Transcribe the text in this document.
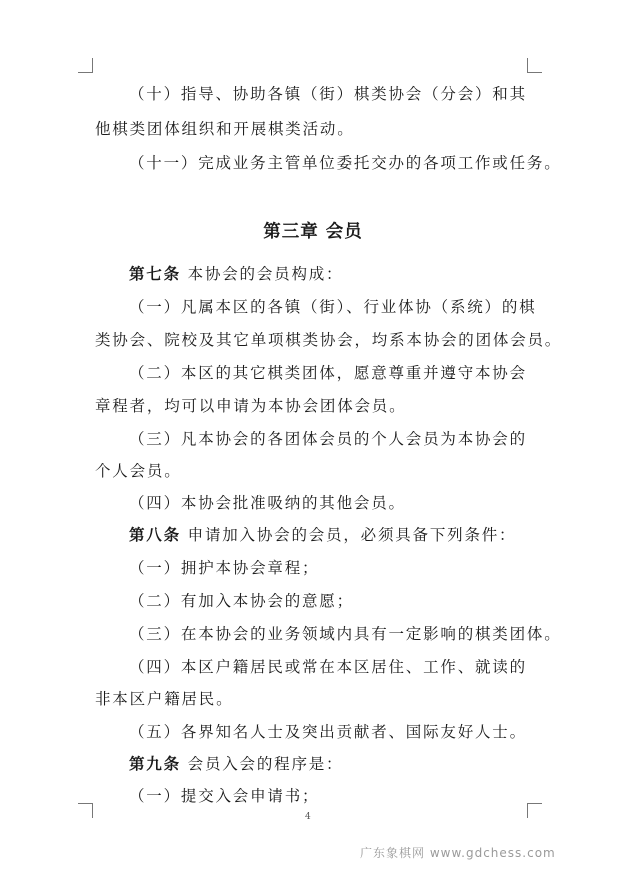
（十）指导、协助各镇（街）棋类协会（分会）和其
他棋类团体组织和开展棋类活动。
（十一）完成业务主管单位委托交办的各项工作或任务。
第三章 会员
第七条 本协会的会员构成：
（一）凡属本区的各镇（街）、行业体协（系统）的棋
类协会、院校及其它单项棋类协会，均系本协会的团体会员。
（二）本区的其它棋类团体，愿意尊重并遵守本协会
章程者，均可以申请为本协会团体会员。
（三）凡本协会的各团体会员的个人会员为本协会的
个人会员。
（四）本协会批准吸纳的其他会员。
第八条 申请加入协会的会员，必须具备下列条件：
（一）拥护本协会章程；
（二）有加入本协会的意愿；
（三）在本协会的业务领域内具有一定影响的棋类团体。
（四）本区户籍居民或常在本区居住、工作、就读的
非本区户籍居民。
（五）各界知名人士及突出贡献者、国际友好人士。
第九条 会员入会的程序是：
（一）提交入会申请书；
4
广东象棋网 www.gdchess.com
